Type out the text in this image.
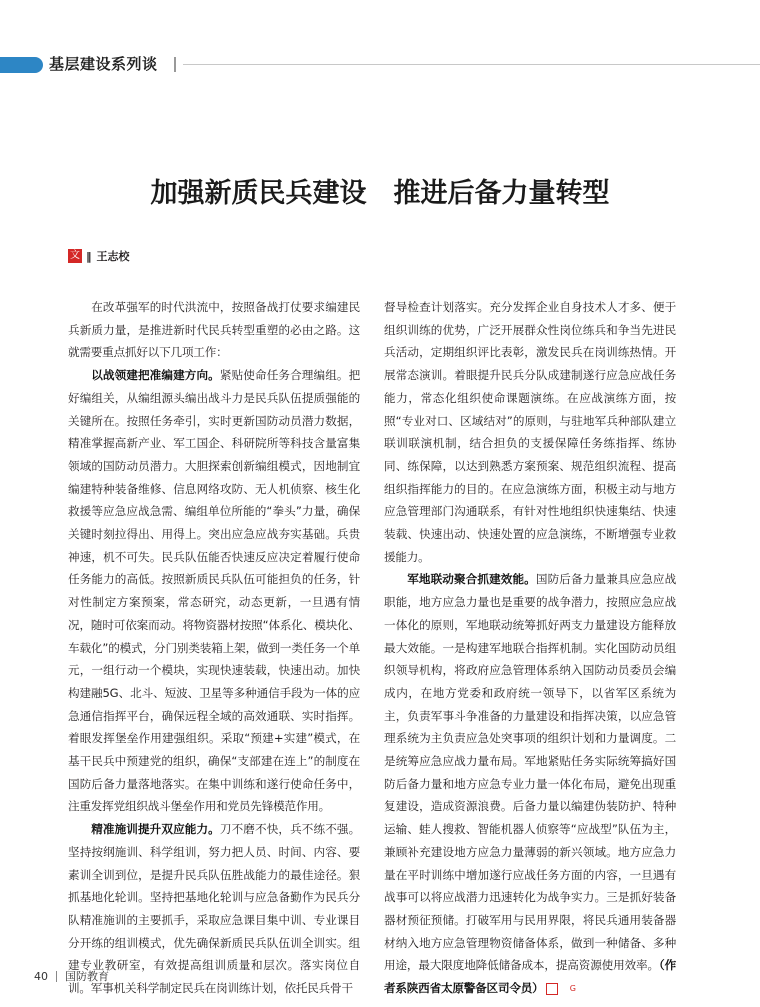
基层建设系列谈
加强新质民兵建设　推进后备力量转型
文 ‖ 王志校

在改革强军的时代洪流中，按照备战打仗要求编建民兵新质力量，是推进新时代民兵转型重塑的必由之路。这就需要重点抓好以下几项工作：

以战领建把准编建方向。紧贴使命任务合理编组。把好编组关，从编组源头编出战斗力是民兵队伍提质强能的关键所在。按照任务牵引，实时更新国防动员潜力数据，精准掌握高新产业、军工国企、科研院所等科技含量富集领域的国防动员潜力。大胆探索创新编组模式，因地制宜编建特种装备维修、信息网络攻防、无人机侦察、核生化救援等应急应战急需、编组单位所能的“拳头”力量，确保关键时刻拉得出、用得上。突出应急应战夯实基础。兵贵神速，机不可失。民兵队伍能否快速反应决定着履行使命任务能力的高低。按照新质民兵队伍可能担负的任务，针对性制定方案预案，常态研究，动态更新，一旦遇有情况，随时可依案而动。将物资器材按照“体系化、模块化、车载化”的模式，分门别类装箱上架，做到一类任务一个单元，一组行动一个模块，实现快速装载，快速出动。加快构建融5G、北斗、短波、卫星等多种通信手段为一体的应急通信指挥平台，确保远程全域的高效通联、实时指挥。着眼发挥堡垒作用建强组织。采取“预建+实建”模式，在基干民兵中预建党的组织，确保“支部建在连上”的制度在国防后备力量落地落实。在集中训练和遂行使命任务中，注重发挥党组织战斗堡垒作用和党员先锋模范作用。

精准施训提升双应能力。刀不磨不快，兵不练不强。坚持按纲施训、科学组训，努力把人员、时间、内容、要素训全训到位，是提升民兵队伍胜战能力的最佳途径。狠抓基地化轮训。坚持把基地化轮训与应急备勤作为民兵分队精准施训的主要抓手，采取应急课目集中训、专业课目分开练的组训模式，优先确保新质民兵队伍训全训实。组建专业教研室，有效提高组训质量和层次。落实岗位自训。军事机关科学制定民兵在岗训练计划，依托民兵骨干

督导检查计划落实。充分发挥企业自身技术人才多、便于组织训练的优势，广泛开展群众性岗位练兵和争当先进民兵活动，定期组织评比表彰，激发民兵在岗训练热情。开展常态演训。着眼提升民兵分队成建制遂行应急应战任务能力，常态化组织使命课题演练。在应战演练方面，按照“专业对口、区域结对”的原则，与驻地军兵种部队建立联训联演机制，结合担负的支援保障任务练指挥、练协同、练保障，以达到熟悉方案预案、规范组织流程、提高组织指挥能力的目的。在应急演练方面，积极主动与地方应急管理部门沟通联系，有针对性地组织快速集结、快速装载、快速出动、快速处置的应急演练，不断增强专业救援能力。

军地联动聚合抓建效能。国防后备力量兼具应急应战职能，地方应急力量也是重要的战争潜力，按照应急应战一体化的原则，军地联动统筹抓好两支力量建设方能释放最大效能。一是构建军地联合指挥机制。实化国防动员组织领导机构，将政府应急管理体系纳入国防动员委员会编成内，在地方党委和政府统一领导下，以省军区系统为主，负责军事斗争准备的力量建设和指挥决策，以应急管理系统为主负责应急处突事项的组织计划和力量调度。二是统筹应急应战力量布局。军地紧贴任务实际统筹搞好国防后备力量和地方应急专业力量一体化布局，避免出现重复建设，造成资源浪费。后备力量以编建伪装防护、特种运输、蛙人搜救、智能机器人侦察等“应战型”队伍为主，兼顾补充建设地方应急力量薄弱的新兴领域。地方应急力量在平时训练中增加遂行应战任务方面的内容，一旦遇有战事可以将应战潜力迅速转化为战争实力。三是抓好装备器材预征预储。打破军用与民用界限，将民兵通用装备器材纳入地方应急管理物资储备体系，做到一种储备、多种用途，最大限度地降低储备成本，提高资源使用效率。（作者系陕西省太原警备区司令员）	G

40 国防教育
